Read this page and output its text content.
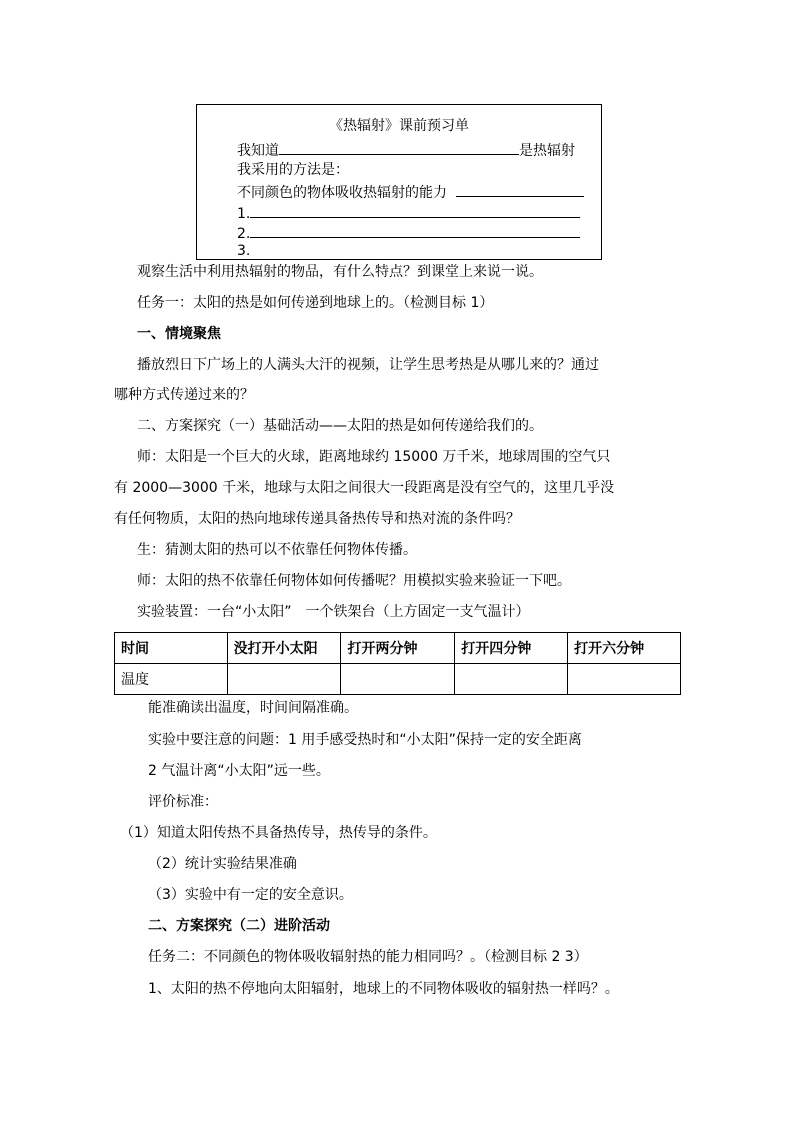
《热辐射》课前预习单
我知道	是热辐射
我采用的方法是：
不同颜色的物体吸收热辐射的能力
1.
2.
3.
观察生活中利用热辐射的物品，有什么特点？到课堂上来说一说。
任务一：太阳的热是如何传递到地球上的。（检测目标 1）
一、情境聚焦
播放烈日下广场上的人满头大汗的视频，让学生思考热是从哪儿来的？通过
哪种方式传递过来的？
二、方案探究（一）基础活动——太阳的热是如何传递给我们的。
师：太阳是一个巨大的火球，距离地球约 15000 万千米，地球周围的空气只
有 2000—3000 千米，地球与太阳之间很大一段距离是没有空气的，这里几乎没
有任何物质，太阳的热向地球传递具备热传导和热对流的条件吗？
生：猜测太阳的热可以不依靠任何物体传播。
师：太阳的热不依靠任何物体如何传播呢？用模拟实验来验证一下吧。
实验装置：一台“小太阳”　一个铁架台（上方固定一支气温计）
时间	没打开小太阳	打开两分钟	打开四分钟	打开六分钟
温度				
能准确读出温度，时间间隔准确。
实验中要注意的问题：1 用手感受热时和“小太阳”保持一定的安全距离
2 气温计离“小太阳”远一些。
评价标准：
（1）知道太阳传热不具备热传导，热传导的条件。
（2）统计实验结果准确
（3）实验中有一定的安全意识。
二、方案探究（二）进阶活动
任务二：不同颜色的物体吸收辐射热的能力相同吗？。（检测目标 2 3）
1、太阳的热不停地向太阳辐射，地球上的不同物体吸收的辐射热一样吗？。
